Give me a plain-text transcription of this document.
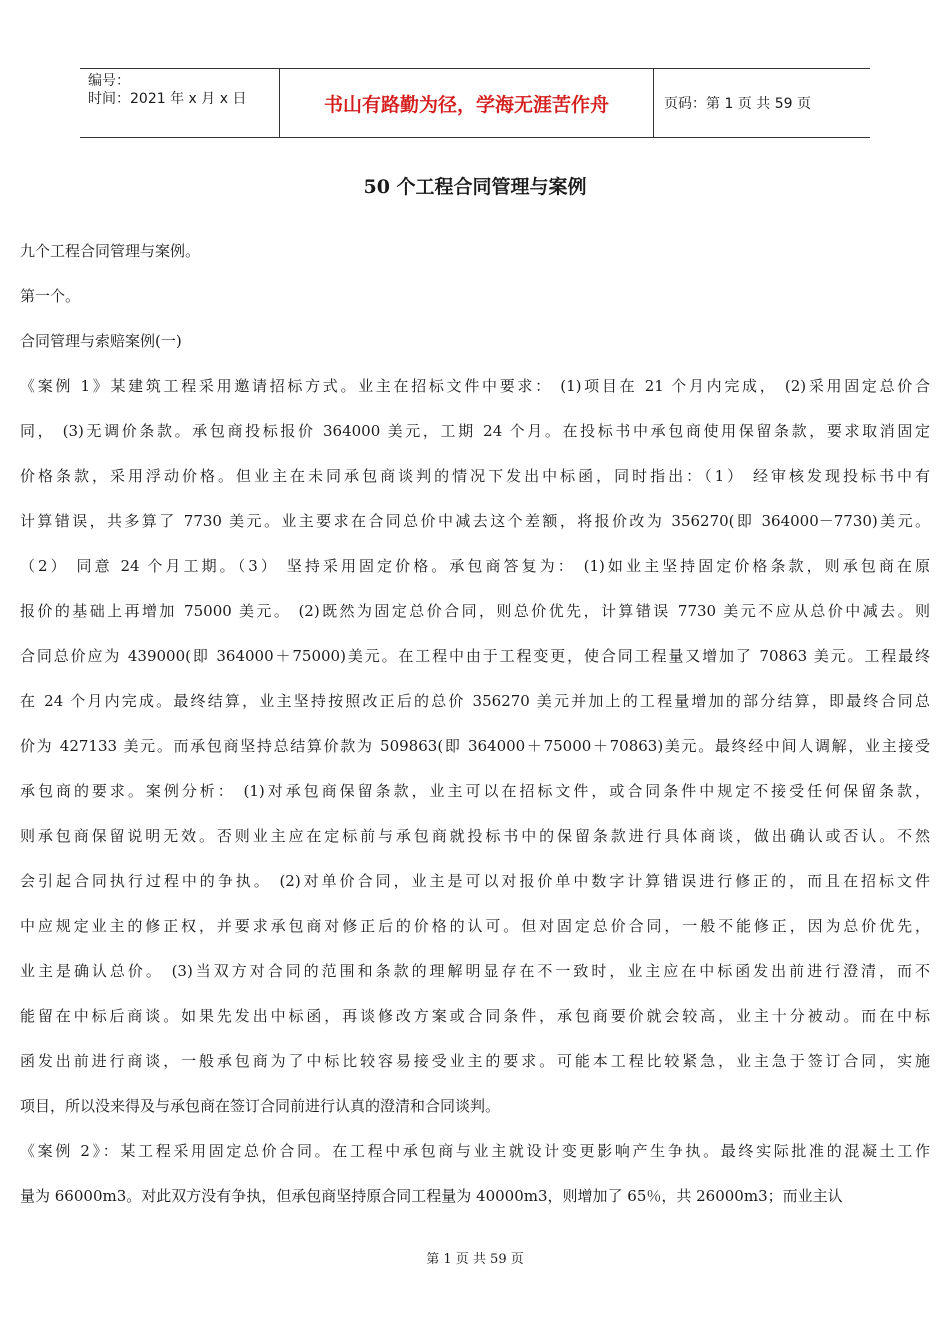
编号：
时间：2021 年 x 月 x 日	书山有路勤为径，学海无涯苦作舟	页码：第 1 页 共 59 页
50 个工程合同管理与案例
九个工程合同管理与案例。
第一个。
合同管理与索赔案例(一)
《案例 1》某建筑工程采用邀请招标方式。业主在招标文件中要求： (1)项目在 21 个月内完成， (2)采用固定总价合
同， (3)无调价条款。承包商投标报价 364000 美元，工期 24 个月。在投标书中承包商使用保留条款，要求取消固定
价格条款，采用浮动价格。但业主在未同承包商谈判的情况下发出中标函，同时指出：（1） 经审核发现投标书中有
计算错误，共多算了 7730 美元。业主要求在合同总价中减去这个差额，将报价改为 356270(即 364000－7730)美元。
（2） 同意 24 个月工期。（3） 坚持采用固定价格。承包商答复为： (1)如业主坚持固定价格条款，则承包商在原
报价的基础上再增加 75000 美元。 (2)既然为固定总价合同，则总价优先，计算错误 7730 美元不应从总价中减去。则
合同总价应为 439000(即 364000＋75000)美元。在工程中由于工程变更，使合同工程量又增加了 70863 美元。工程最终
在 24 个月内完成。最终结算，业主坚持按照改正后的总价 356270 美元并加上的工程量增加的部分结算，即最终合同总
价为 427133 美元。而承包商坚持总结算价款为 509863(即 364000＋75000＋70863)美元。最终经中间人调解，业主接受
承包商的要求。案例分析： (1)对承包商保留条款，业主可以在招标文件，或合同条件中规定不接受任何保留条款，
则承包商保留说明无效。否则业主应在定标前与承包商就投标书中的保留条款进行具体商谈，做出确认或否认。不然
会引起合同执行过程中的争执。 (2)对单价合同，业主是可以对报价单中数字计算错误进行修正的，而且在招标文件
中应规定业主的修正权，并要求承包商对修正后的价格的认可。但对固定总价合同，一般不能修正，因为总价优先，
业主是确认总价。 (3)当双方对合同的范围和条款的理解明显存在不一致时，业主应在中标函发出前进行澄清，而不
能留在中标后商谈。如果先发出中标函，再谈修改方案或合同条件，承包商要价就会较高，业主十分被动。而在中标
函发出前进行商谈，一般承包商为了中标比较容易接受业主的要求。可能本工程比较紧急，业主急于签订合同，实施
项目，所以没来得及与承包商在签订合同前进行认真的澄清和合同谈判。
《案例 2》：某工程采用固定总价合同。在工程中承包商与业主就设计变更影响产生争执。最终实际批准的混凝土工作
量为 66000m3。对此双方没有争执，但承包商坚持原合同工程量为 40000m3，则增加了 65％，共 26000m3；而业主认
第 1 页 共 59 页
